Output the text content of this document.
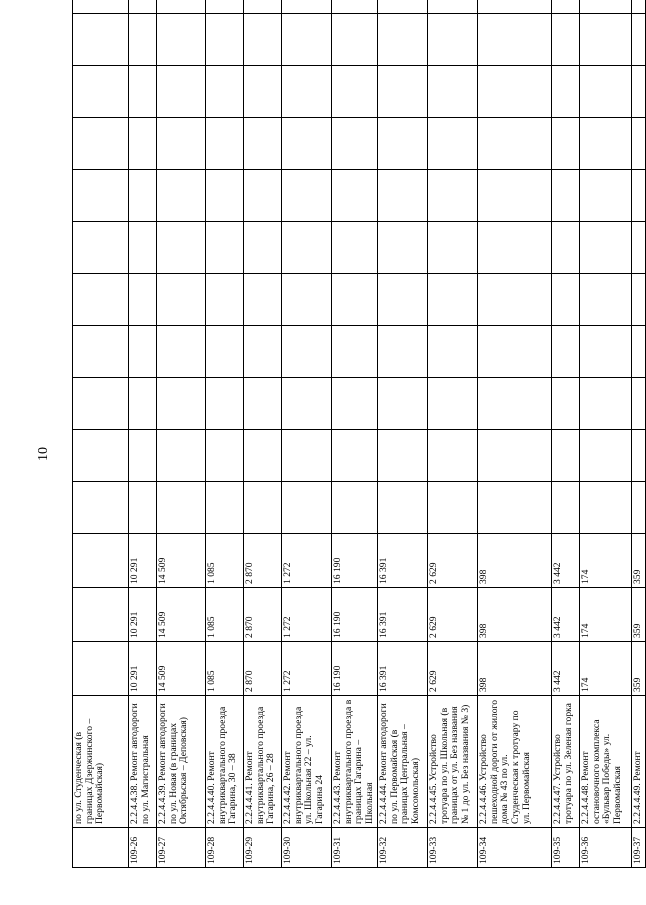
10
	по ул. Студенческая (в границах Дзержинского – Первомайская)															
109-26	2.2.4.4.38. Ремонт автодороги по ул. Магистральная	10 291	10 291	10 291												
109-27	2.2.4.4.39. Ремонт автодороги по ул. Новая (в границах Октябрьская – Деповская)	14 509	14 509	14 509												
109-28	2.2.4.4.40. Ремонт внутриквартального проезда Гагарина, 30 – 38	1 085	1 085	1 085												
109-29	2.2.4.4.41. Ремонт внутриквартального проезда Гагарина, 26 – 28	2 870	2 870	2 870												
109-30	2.2.4.4.42. Ремонт внутриквартального проезда ул. Школьная 22 – ул. Гагарина 24	1 272	1 272	1 272												
109-31	2.2.4.4.43. Ремонт внутриквартального проезда в границах Гагарина – Школьная	16 190	16 190	16 190												
109-32	2.2.4.4.44. Ремонт автодороги по ул. Первомайская (в границах Центральная – Комсомольская)	16 391	16 391	16 391												
109-33	2.2.4.4.45. Устройство тротуара по ул. Школьная (в границах от ул. Без названия № 1 до ул. Без названия № 3)	2 629	2 629	2 629												
109-34	2.2.4.4.46. Устройство пешеходной дороги от жилого дома № 43 по ул. Студенческая к тротуару по ул. Первомайская	398	398	398												
109-35	2.2.4.4.47. Устройство тротуара по ул. Зеленая горка	3 442	3 442	3 442												
109-36	2.2.4.4.48. Ремонт остановочного комплекса «Бульвар Победы» ул. Первомайская	174	174	174												
109-37	2.2.4.4.49. Ремонт	359	359	359												
